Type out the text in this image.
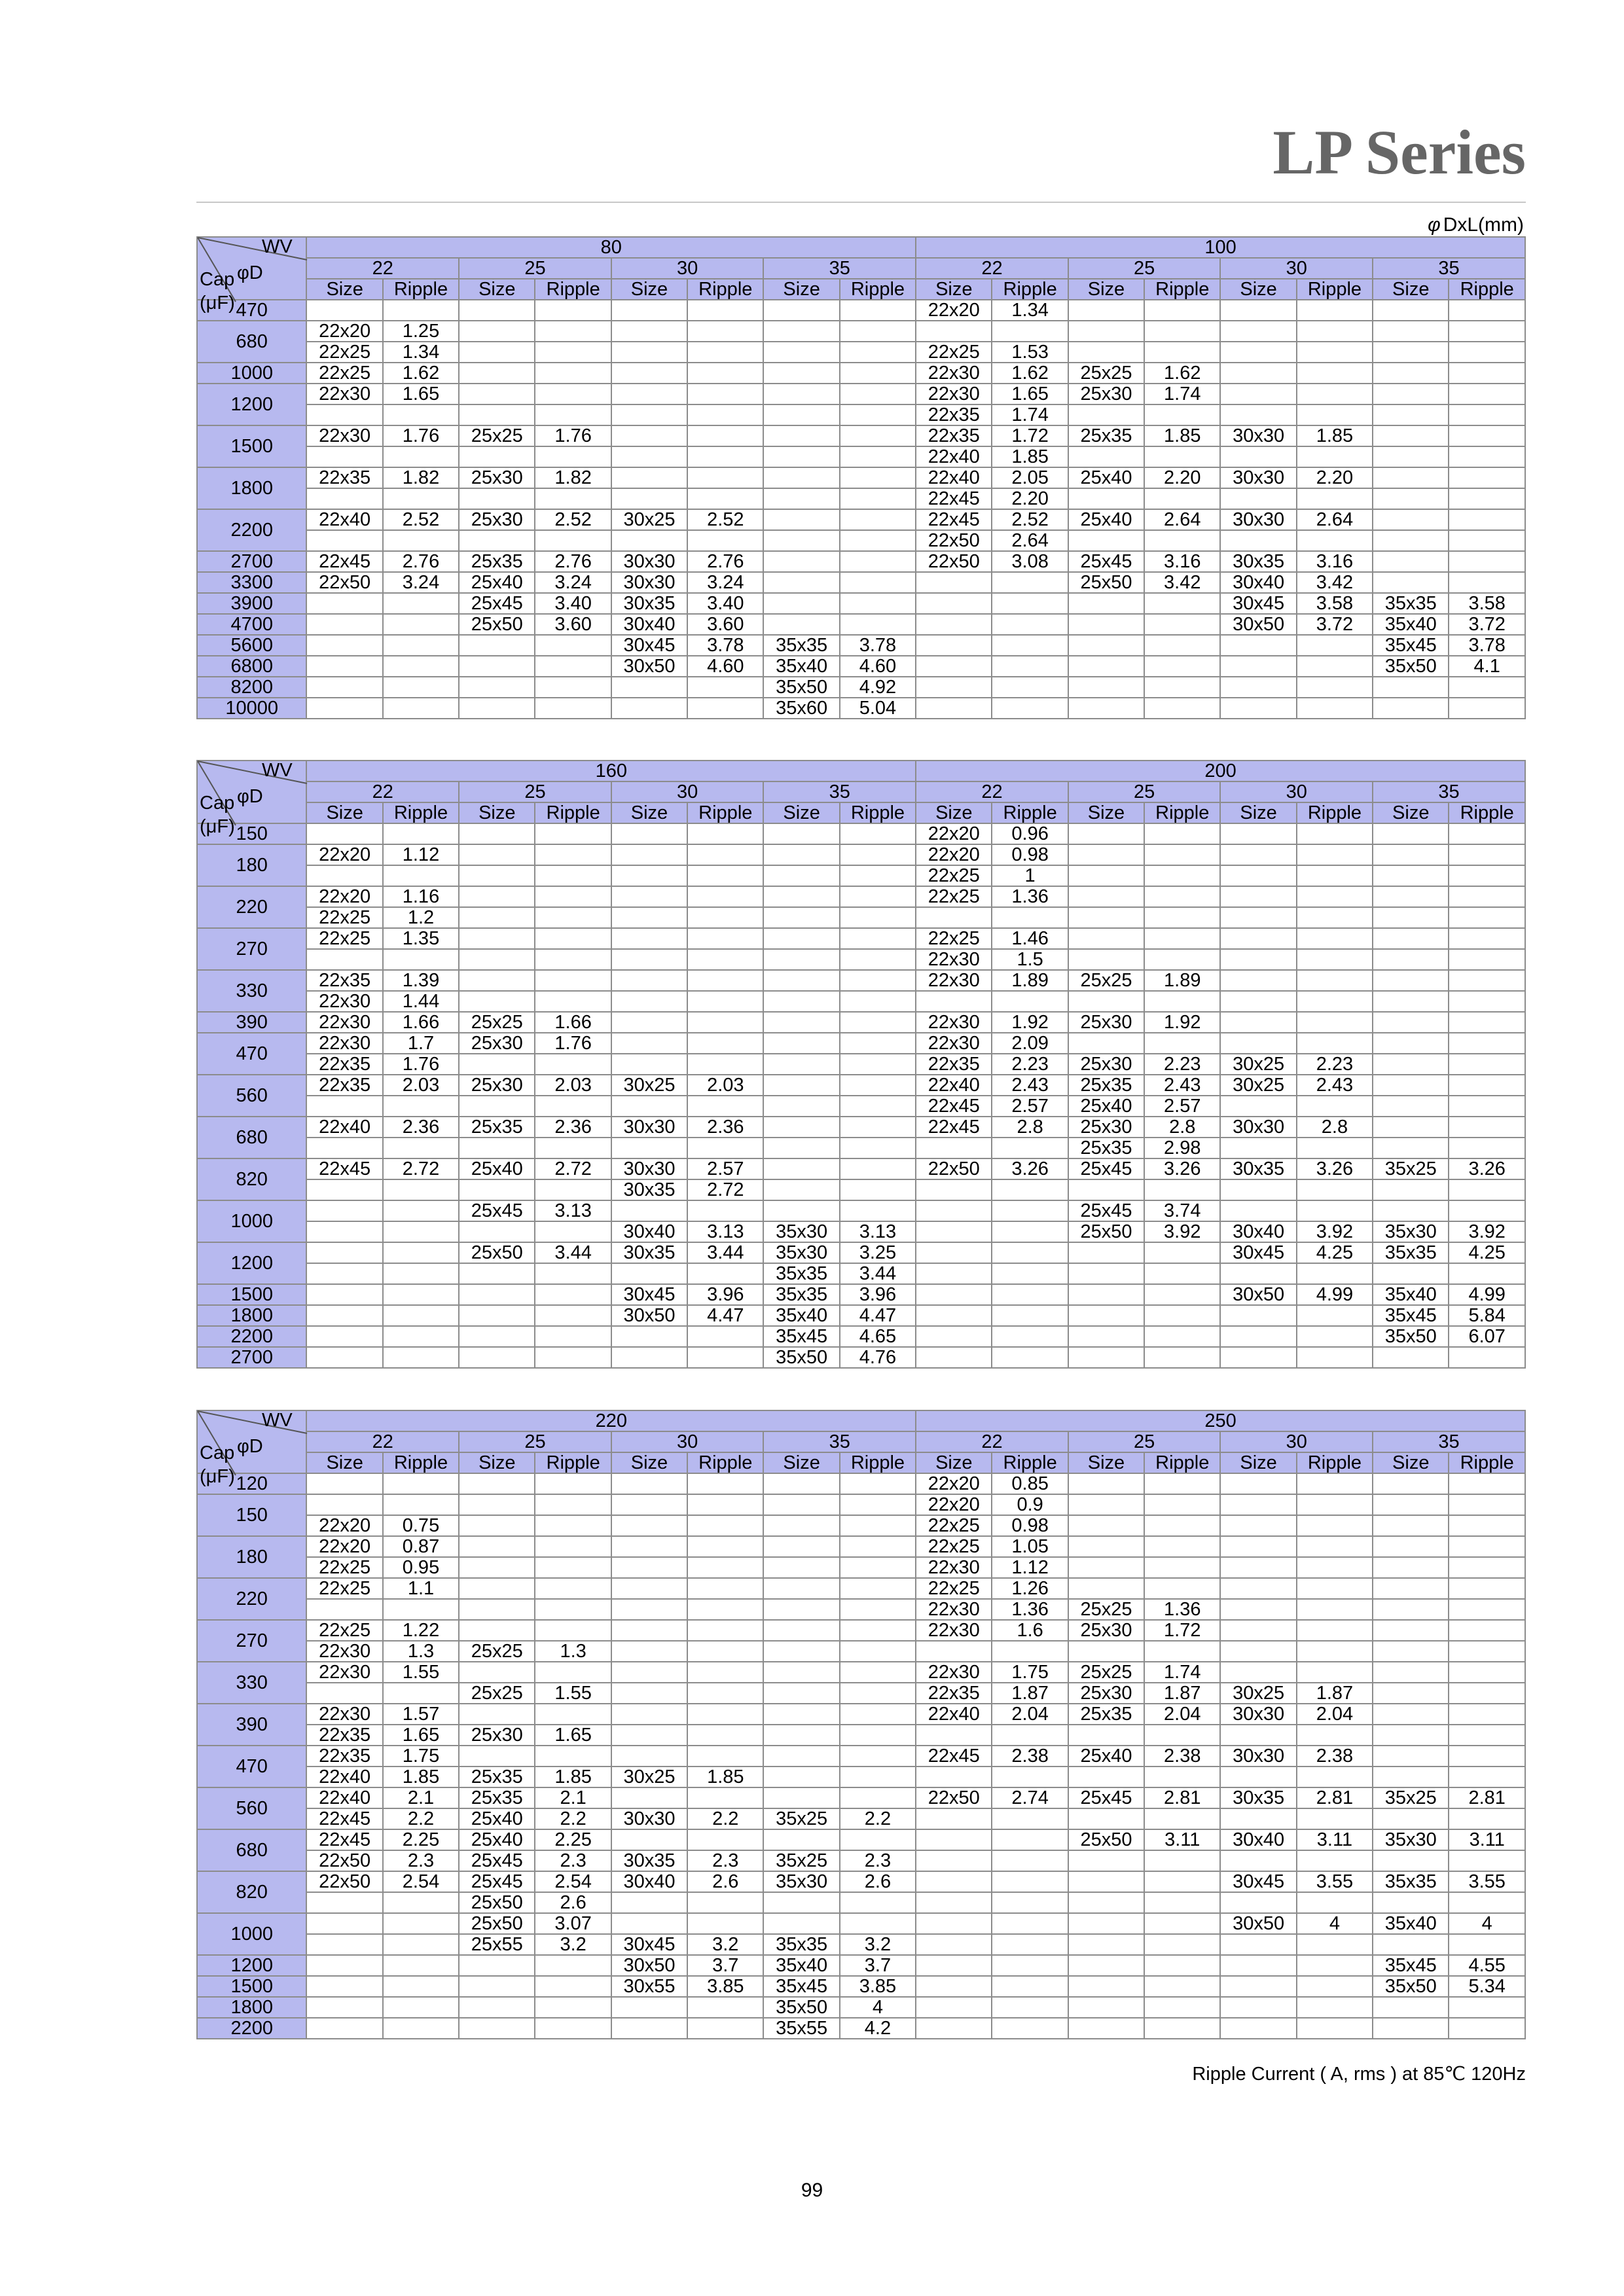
LP Series
φ DxL(mm)
WV
φD
Cap
(μF)	80								100							
	22		25		30		35		22		25		30		35	
	Size	Ripple	Size	Ripple	Size	Ripple	Size	Ripple	Size	Ripple	Size	Ripple	Size	Ripple	Size	Ripple
470									22x20	1.34						
680	22x20	1.25														
	22x25	1.34							22x25	1.53						
1000	22x25	1.62							22x30	1.62	25x25	1.62				
1200	22x30	1.65							22x30	1.65	25x30	1.74				
									22x35	1.74						
1500	22x30	1.76	25x25	1.76					22x35	1.72	25x35	1.85	30x30	1.85		
									22x40	1.85						
1800	22x35	1.82	25x30	1.82					22x40	2.05	25x40	2.20	30x30	2.20		
									22x45	2.20						
2200	22x40	2.52	25x30	2.52	30x25	2.52			22x45	2.52	25x40	2.64	30x30	2.64		
									22x50	2.64						
2700	22x45	2.76	25x35	2.76	30x30	2.76			22x50	3.08	25x45	3.16	30x35	3.16		
3300	22x50	3.24	25x40	3.24	30x30	3.24					25x50	3.42	30x40	3.42		
3900			25x45	3.40	30x35	3.40							30x45	3.58	35x35	3.58
4700			25x50	3.60	30x40	3.60							30x50	3.72	35x40	3.72
5600					30x45	3.78	35x35	3.78							35x45	3.78
6800					30x50	4.60	35x40	4.60							35x50	4.1
8200							35x50	4.92								
10000							35x60	5.04								
WV
φD
Cap
(μF)	160								200							
	22		25		30		35		22		25		30		35	
	Size	Ripple	Size	Ripple	Size	Ripple	Size	Ripple	Size	Ripple	Size	Ripple	Size	Ripple	Size	Ripple
150									22x20	0.96						
180	22x20	1.12							22x20	0.98						
									22x25	1						
220	22x20	1.16							22x25	1.36						
	22x25	1.2														
270	22x25	1.35							22x25	1.46						
									22x30	1.5						
330	22x35	1.39							22x30	1.89	25x25	1.89				
	22x30	1.44														
390	22x30	1.66	25x25	1.66					22x30	1.92	25x30	1.92				
470	22x30	1.7	25x30	1.76					22x30	2.09						
	22x35	1.76							22x35	2.23	25x30	2.23	30x25	2.23		
560	22x35	2.03	25x30	2.03	30x25	2.03			22x40	2.43	25x35	2.43	30x25	2.43		
									22x45	2.57	25x40	2.57				
680	22x40	2.36	25x35	2.36	30x30	2.36			22x45	2.8	25x30	2.8	30x30	2.8		
											25x35	2.98				
820	22x45	2.72	25x40	2.72	30x30	2.57			22x50	3.26	25x45	3.26	30x35	3.26	35x25	3.26
					30x35	2.72										
1000			25x45	3.13							25x45	3.74				
					30x40	3.13	35x30	3.13			25x50	3.92	30x40	3.92	35x30	3.92
1200			25x50	3.44	30x35	3.44	35x30	3.25					30x45	4.25	35x35	4.25
							35x35	3.44								
1500					30x45	3.96	35x35	3.96					30x50	4.99	35x40	4.99
1800					30x50	4.47	35x40	4.47							35x45	5.84
2200							35x45	4.65							35x50	6.07
2700							35x50	4.76								
WV
φD
Cap
(μF)	220								250							
	22		25		30		35		22		25		30		35	
	Size	Ripple	Size	Ripple	Size	Ripple	Size	Ripple	Size	Ripple	Size	Ripple	Size	Ripple	Size	Ripple
120									22x20	0.85						
150									22x20	0.9						
	22x20	0.75							22x25	0.98						
180	22x20	0.87							22x25	1.05						
	22x25	0.95							22x30	1.12						
220	22x25	1.1							22x25	1.26						
									22x30	1.36	25x25	1.36				
270	22x25	1.22							22x30	1.6	25x30	1.72				
	22x30	1.3	25x25	1.3												
330	22x30	1.55							22x30	1.75	25x25	1.74				
			25x25	1.55					22x35	1.87	25x30	1.87	30x25	1.87		
390	22x30	1.57							22x40	2.04	25x35	2.04	30x30	2.04		
	22x35	1.65	25x30	1.65												
470	22x35	1.75							22x45	2.38	25x40	2.38	30x30	2.38		
	22x40	1.85	25x35	1.85	30x25	1.85										
560	22x40	2.1	25x35	2.1					22x50	2.74	25x45	2.81	30x35	2.81	35x25	2.81
	22x45	2.2	25x40	2.2	30x30	2.2	35x25	2.2								
680	22x45	2.25	25x40	2.25							25x50	3.11	30x40	3.11	35x30	3.11
	22x50	2.3	25x45	2.3	30x35	2.3	35x25	2.3								
820	22x50	2.54	25x45	2.54	30x40	2.6	35x30	2.6					30x45	3.55	35x35	3.55
			25x50	2.6												
1000			25x50	3.07									30x50	4	35x40	4
			25x55	3.2	30x45	3.2	35x35	3.2								
1200					30x50	3.7	35x40	3.7							35x45	4.55
1500					30x55	3.85	35x45	3.85							35x50	5.34
1800							35x50	4								
2200							35x55	4.2								
Ripple Current ( A, rms ) at 85℃ 120Hz
99
